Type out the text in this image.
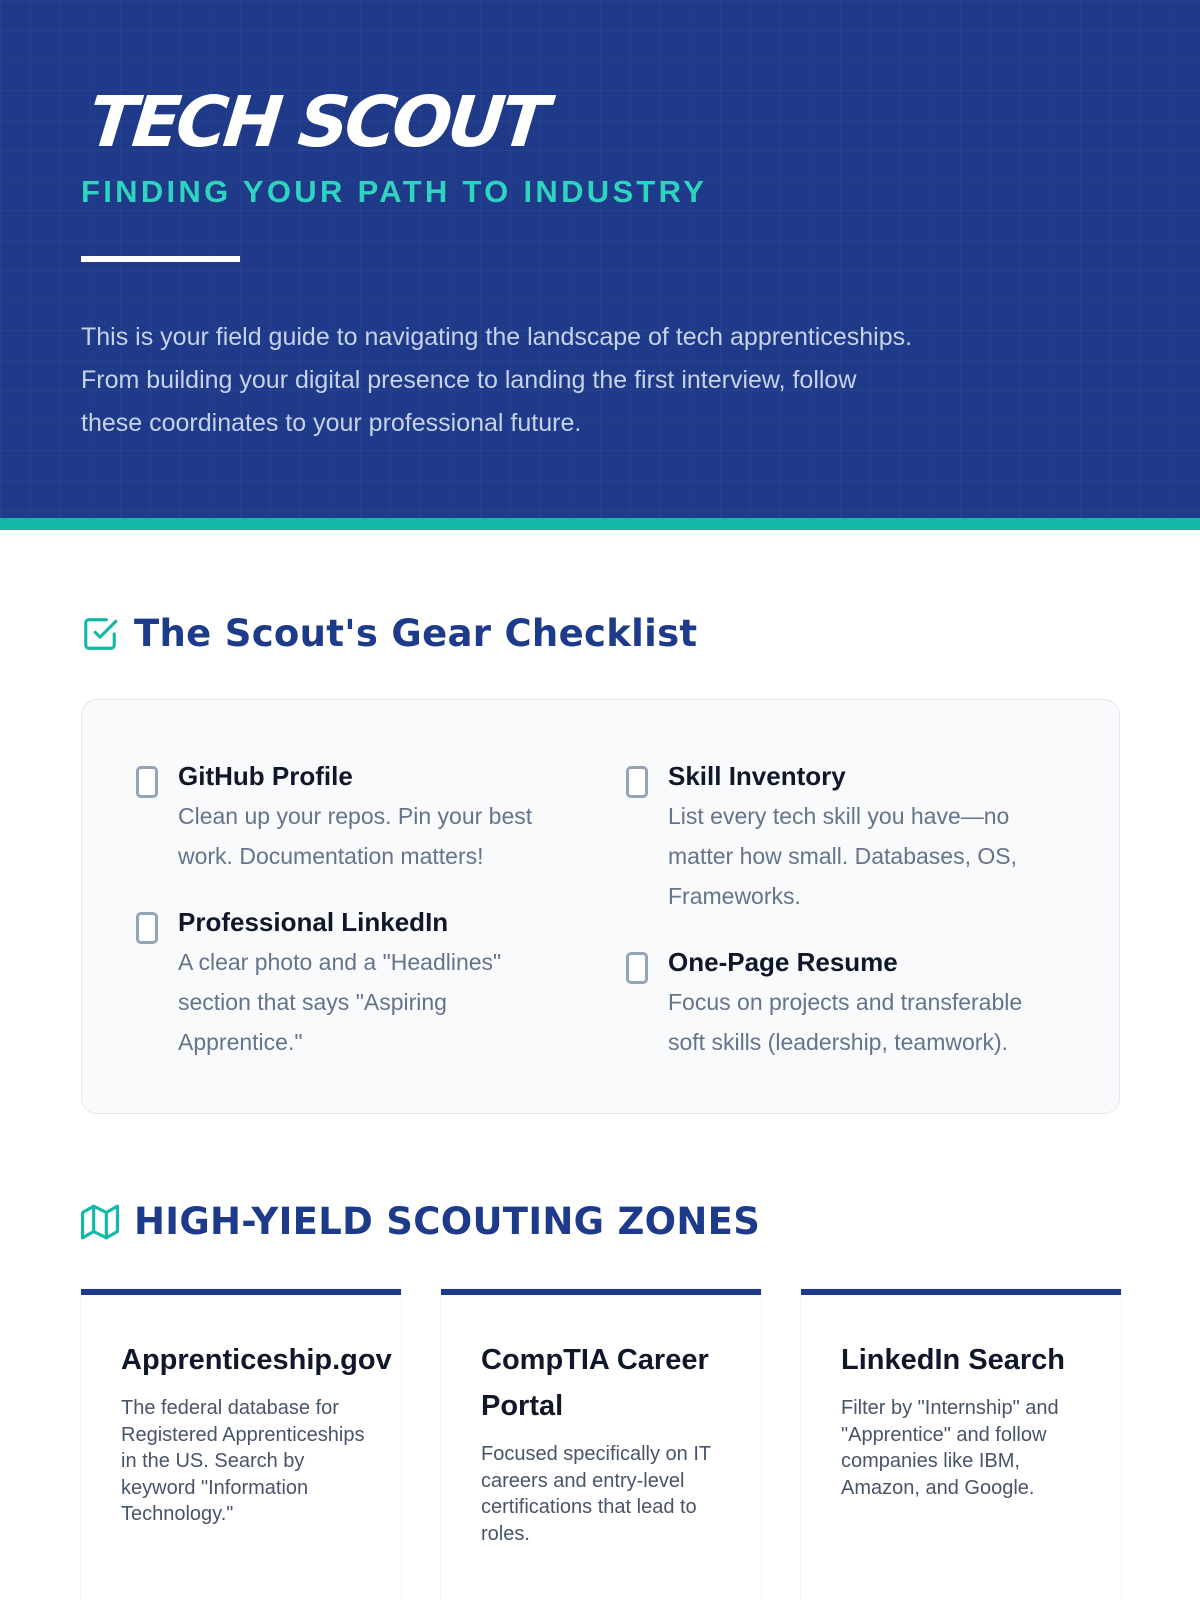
TECH SCOUT
FINDING YOUR PATH TO INDUSTRY

This is your field guide to navigating the landscape of tech apprenticeships. From building your digital presence to landing the first interview, follow these coordinates to your professional future.

The Scout's Gear Checklist
GitHub Profile
Clean up your repos. Pin your best work. Documentation matters!
Professional LinkedIn
A clear photo and a "Headlines" section that says "Aspiring Apprentice."
Skill Inventory
List every tech skill you have—no matter how small. Databases, OS, Frameworks.
One-Page Resume
Focus on projects and transferable soft skills (leadership, teamwork).
HIGH-YIELD SCOUTING ZONES
Apprenticeship.gov
The federal database for Registered Apprenticeships in the US. Search by keyword "Information Technology."
CompTIA Career Portal
Focused specifically on IT careers and entry-level certifications that lead to roles.
LinkedIn Search
Filter by "Internship" and "Apprentice" and follow companies like IBM, Amazon, and Google.
